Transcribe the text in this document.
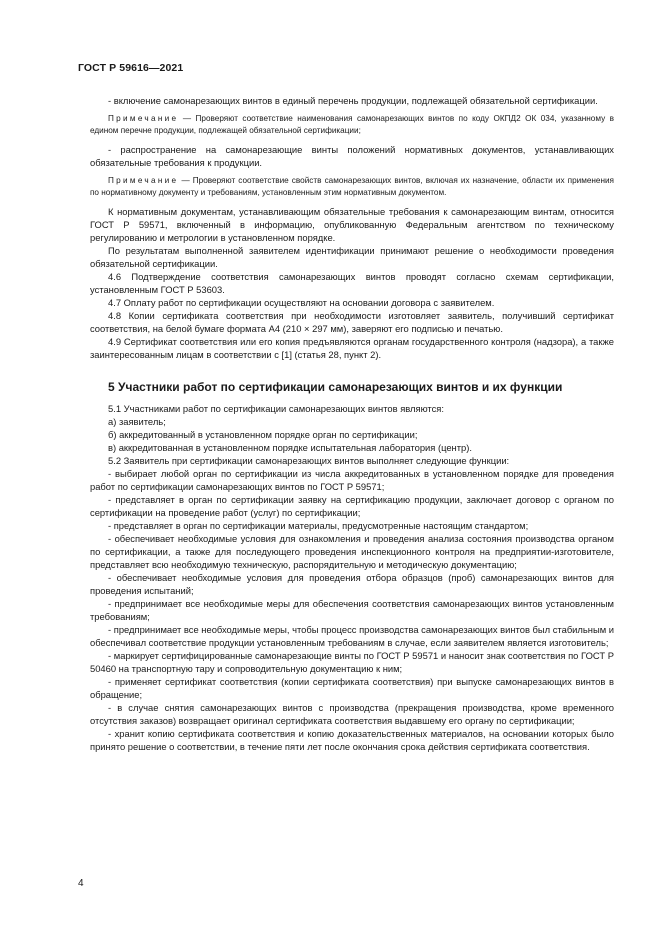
ГОСТ Р 59616—2021

- включение самонарезающих винтов в единый перечень продукции, подлежащей обязательной сертификации.

Примечание — Проверяют соответствие наименования самонарезающих винтов по коду ОКПД2 ОК 034, указанному в едином перечне продукции, подлежащей обязательной сертификации;

- распространение на самонарезающие винты положений нормативных документов, устанавливающих обязательные требования к продукции.

Примечание — Проверяют соответствие свойств самонарезающих винтов, включая их назначение, области их применения по нормативному документу и требованиям, установленным этим нормативным документом.

К нормативным документам, устанавливающим обязательные требования к самонарезающим винтам, относится ГОСТ Р 59571, включенный в информацию, опубликованную Федеральным агентством по техническому регулированию и метрологии в установленном порядке.

По результатам выполненной заявителем идентификации принимают решение о необходимости проведения обязательной сертификации.

4.6 Подтверждение соответствия самонарезающих винтов проводят согласно схемам сертификации, установленным ГОСТ Р 53603.

4.7 Оплату работ по сертификации осуществляют на основании договора с заявителем.

4.8 Копии сертификата соответствия при необходимости изготовляет заявитель, получивший сертификат соответствия, на белой бумаге формата А4 (210 × 297 мм), заверяют его подписью и печатью.

4.9 Сертификат соответствия или его копия предъявляются органам государственного контроля (надзора), а также заинтересованным лицам в соответствии с [1] (статья 28, пункт 2).

5 Участники работ по сертификации самонарезающих винтов и их функции

5.1 Участниками работ по сертификации самонарезающих винтов являются:

а) заявитель;

б) аккредитованный в установленном порядке орган по сертификации;

в) аккредитованная в установленном порядке испытательная лаборатория (центр).

5.2 Заявитель при сертификации самонарезающих винтов выполняет следующие функции:

- выбирает любой орган по сертификации из числа аккредитованных в установленном порядке для проведения работ по сертификации самонарезающих винтов по ГОСТ Р 59571;

- представляет в орган по сертификации заявку на сертификацию продукции, заключает договор с органом по сертификации на проведение работ (услуг) по сертификации;

- представляет в орган по сертификации материалы, предусмотренные настоящим стандартом;

- обеспечивает необходимые условия для ознакомления и проведения анализа состояния производства органом по сертификации, а также для последующего проведения инспекционного контроля на предприятии-изготовителе, представляет всю необходимую техническую, распорядительную и методическую документацию;

- обеспечивает необходимые условия для проведения отбора образцов (проб) самонарезающих винтов для проведения испытаний;

- предпринимает все необходимые меры для обеспечения соответствия самонарезающих винтов установленным требованиям;

- предпринимает все необходимые меры, чтобы процесс производства самонарезающих винтов был стабильным и обеспечивал соответствие продукции установленным требованиям в случае, если заявителем является изготовитель;

- маркирует сертифицированные самонарезающие винты по ГОСТ Р 59571 и наносит знак соответствия по ГОСТ Р 50460 на транспортную тару и сопроводительную документацию к ним;

- применяет сертификат соответствия (копии сертификата соответствия) при выпуске самонарезающих винтов в обращение;

- в случае снятия самонарезающих винтов с производства (прекращения производства, кроме временного отсутствия заказов) возвращает оригинал сертификата соответствия выдавшему его органу по сертификации;

- хранит копию сертификата соответствия и копию доказательственных материалов, на основании которых было принято решение о соответствии, в течение пяти лет после окончания срока действия сертификата соответствия.

4
